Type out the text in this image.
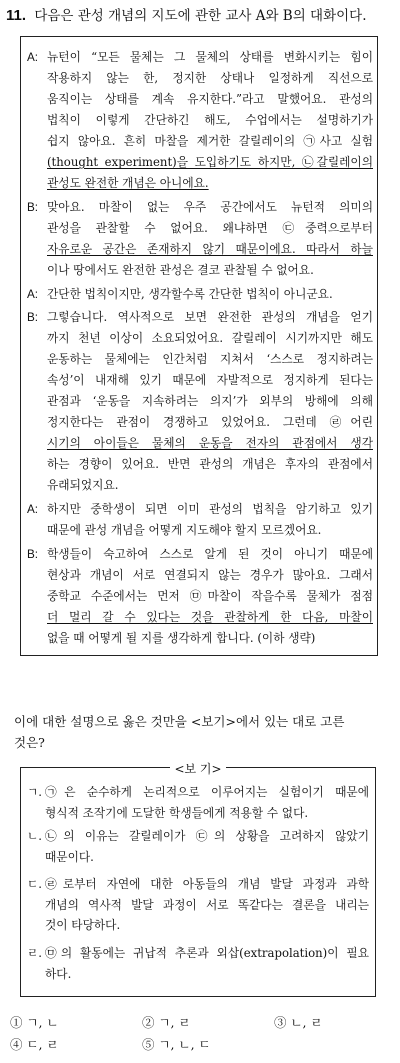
11. 다음은 관성 개념의 지도에 관한 교사 A와 B의 대화이다.
A: 뉴턴이 “모든 물체는 그 물체의 상태를 변화시키는 힘이
작용하지 않는 한, 정지한 상태나 일정하게 직선으로
움직이는 상태를 계속 유지한다.”라고 말했어요. 관성의
법칙이 이렇게 간단하긴 해도, 수업에서는 설명하기가
쉽지 않아요. 흔히 마찰을 제거한 갈릴레이의 ㉠사고 실험
(thought experiment)을 도입하기도 하지만, ㉡갈릴레이의
관성도 완전한 개념은 아니에요.
B: 맞아요. 마찰이 없는 우주 공간에서도 뉴턴적 의미의
관성을 관찰할 수 없어요. 왜냐하면 ㉢중력으로부터
자유로운 공간은 존재하지 않기 때문이에요. 따라서 하늘
이나 땅에서도 완전한 관성은 결코 관찰될 수 없어요.
A: 간단한 법칙이지만, 생각할수록 간단한 법칙이 아니군요.
B: 그렇습니다. 역사적으로 보면 완전한 관성의 개념을 얻기
까지 천년 이상이 소요되었어요. 갈릴레이 시기까지만 해도
운동하는 물체에는 인간처럼 지쳐서 ‘스스로 정지하려는
속성’이 내재해 있기 때문에 자발적으로 정지하게 된다는
관점과 ‘운동을 지속하려는 의지’가 외부의 방해에 의해
정지한다는 관점이 경쟁하고 있었어요. 그런데 ㉣어린
시기의 아이들은 물체의 운동을 전자의 관점에서 생각
하는 경향이 있어요. 반면 관성의 개념은 후자의 관점에서
유래되었지요.
A: 하지만 중학생이 되면 이미 관성의 법칙을 암기하고 있기
때문에 관성 개념을 어떻게 지도해야 할지 모르겠어요.
B: 학생들이 숙고하여 스스로 알게 된 것이 아니기 때문에
현상과 개념이 서로 연결되지 않는 경우가 많아요. 그래서
중학교 수준에서는 먼저 ㉤마찰이 작을수록 물체가 점점
더 멀리 갈 수 있다는 것을 관찰하게 한 다음, 마찰이
없을 때 어떻게 될 지를 생각하게 합니다. (이하 생략)
이에 대한 설명으로 옳은 것만을 <보기>에서 있는 대로 고른
것은?
<보 기>
ㄱ. ㉠은 순수하게 논리적으로 이루어지는 실험이기 때문에
형식적 조작기에 도달한 학생들에게 적용할 수 없다.
ㄴ. ㉡의 이유는 갈릴레이가 ㉢의 상황을 고려하지 않았기
때문이다.
ㄷ. ㉣로부터 자연에 대한 아동들의 개념 발달 과정과 과학
개념의 역사적 발달 과정이 서로 똑같다는 결론을 내리는
것이 타당하다.
ㄹ. ㉤의 활동에는 귀납적 추론과 외삽(extrapolation)이 필요
하다.
① ㄱ, ㄴ	② ㄱ, ㄹ	③ ㄴ, ㄹ
④ ㄷ, ㄹ	⑤ ㄱ, ㄴ, ㄷ
